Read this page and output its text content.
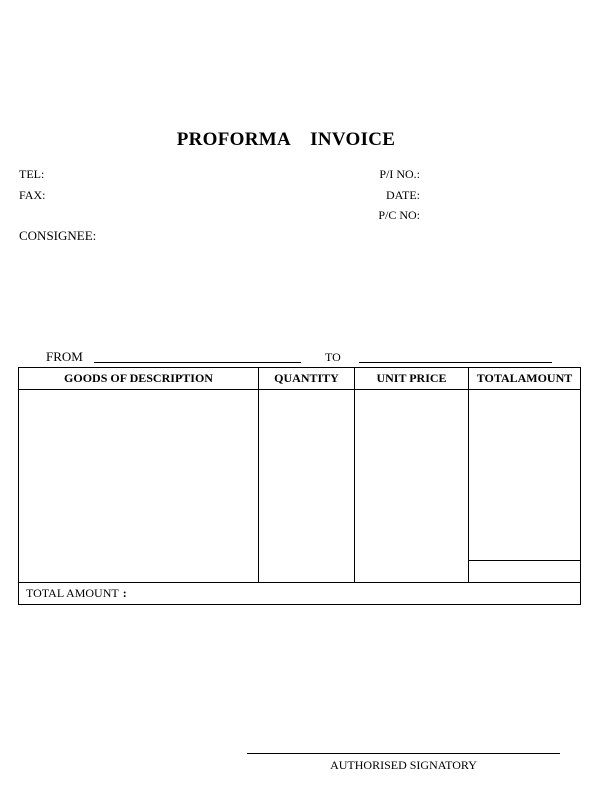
PROFORMA    INVOICE
TEL:
FAX:
P/I NO.:
DATE:
P/C NO:
CONSIGNEE:
FROM	TO
GOODS OF DESCRIPTION	QUANTITY	UNIT PRICE	TOTALAMOUNT

TOTAL AMOUNT :			
AUTHORISED SIGNATORY
